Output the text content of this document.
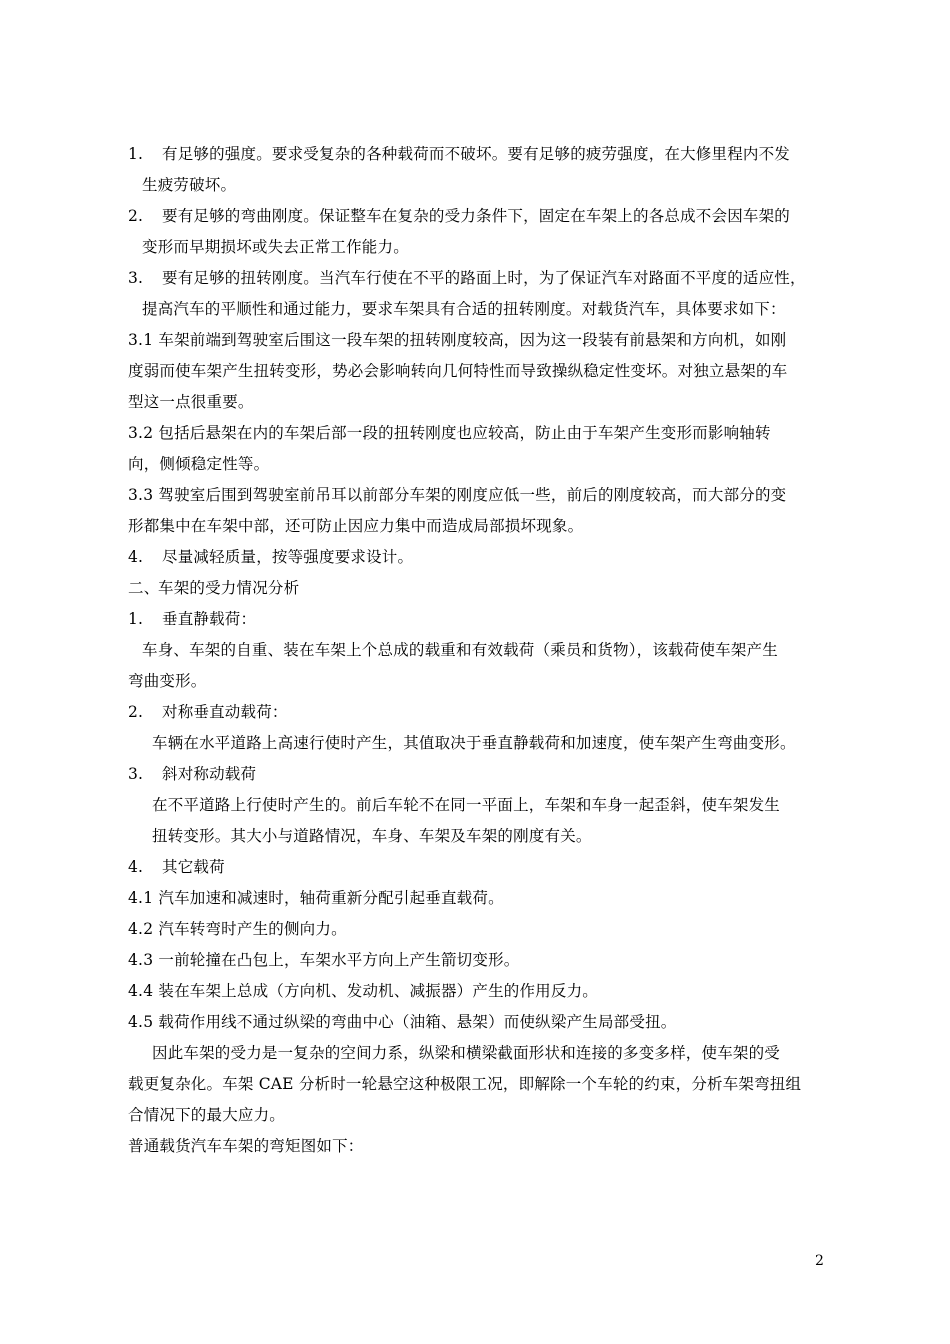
1. 有足够的强度。要求受复杂的各种载荷而不破坏。要有足够的疲劳强度，在大修里程内不发

生疲劳破坏。

2. 要有足够的弯曲刚度。保证整车在复杂的受力条件下，固定在车架上的各总成不会因车架的

变形而早期损坏或失去正常工作能力。

3. 要有足够的扭转刚度。当汽车行使在不平的路面上时，为了保证汽车对路面不平度的适应性，

提高汽车的平顺性和通过能力，要求车架具有合适的扭转刚度。对载货汽车，具体要求如下：

3.1 车架前端到驾驶室后围这一段车架的扭转刚度较高，因为这一段装有前悬架和方向机，如刚

度弱而使车架产生扭转变形，势必会影响转向几何特性而导致操纵稳定性变坏。对独立悬架的车

型这一点很重要。

3.2 包括后悬架在内的车架后部一段的扭转刚度也应较高，防止由于车架产生变形而影响轴转

向，侧倾稳定性等。

3.3 驾驶室后围到驾驶室前吊耳以前部分车架的刚度应低一些，前后的刚度较高，而大部分的变

形都集中在车架中部，还可防止因应力集中而造成局部损坏现象。

4. 尽量减轻质量，按等强度要求设计。

二、车架的受力情况分析

1. 垂直静载荷：

车身、车架的自重、装在车架上个总成的载重和有效载荷（乘员和货物），该载荷使车架产生

弯曲变形。

2. 对称垂直动载荷：

车辆在水平道路上高速行使时产生，其值取决于垂直静载荷和加速度，使车架产生弯曲变形。

3. 斜对称动载荷

在不平道路上行使时产生的。前后车轮不在同一平面上，车架和车身一起歪斜，使车架发生

扭转变形。其大小与道路情况，车身、车架及车架的刚度有关。

4. 其它载荷

4.1 汽车加速和减速时，轴荷重新分配引起垂直载荷。

4.2 汽车转弯时产生的侧向力。

4.3 一前轮撞在凸包上，车架水平方向上产生箭切变形。

4.4 装在车架上总成（方向机、发动机、减振器）产生的作用反力。

4.5 载荷作用线不通过纵梁的弯曲中心（油箱、悬架）而使纵梁产生局部受扭。

因此车架的受力是一复杂的空间力系，纵梁和横梁截面形状和连接的多变多样，使车架的受

载更复杂化。车架 CAE 分析时一轮悬空这种极限工况，即解除一个车轮的约束，分析车架弯扭组

合情况下的最大应力。

普通载货汽车车架的弯矩图如下：

2
